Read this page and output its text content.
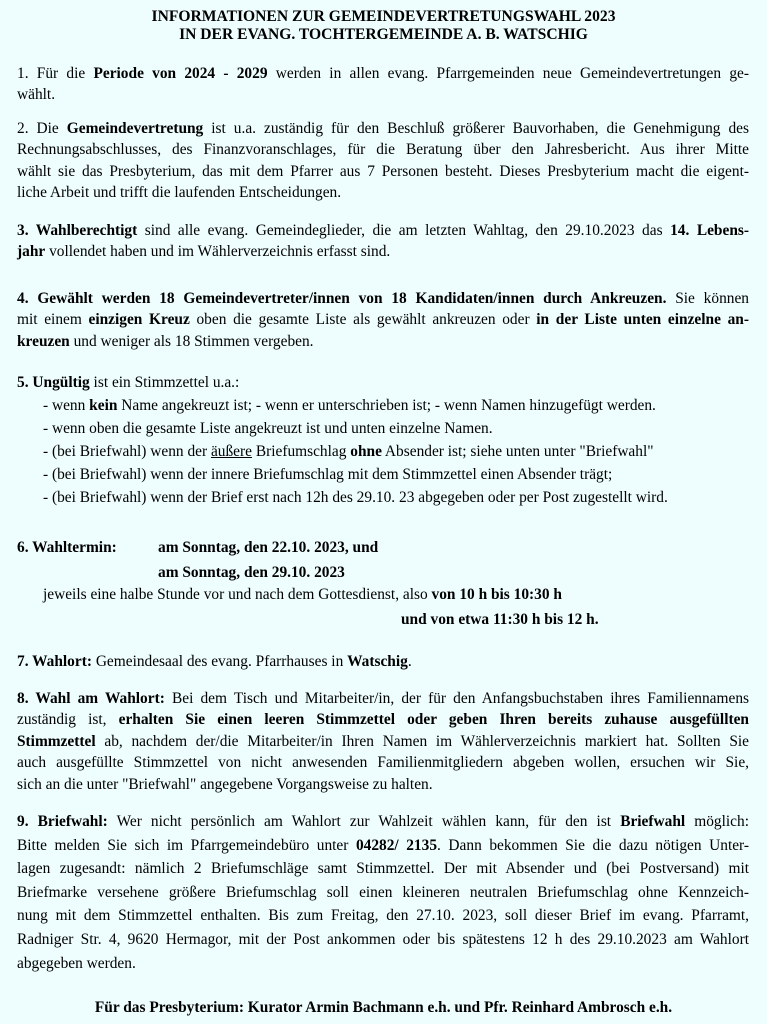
INFORMATIONEN ZUR GEMEINDEVERTRETUNGSWAHL 2023
IN DER EVANG. TOCHTERGEMEINDE A. B. WATSCHIG
1. Für die Periode von 2024 - 2029 werden in allen evang. Pfarrgemeinden neue Gemeindevertretungen ge-
wählt.
2. Die Gemeindevertretung ist u.a. zuständig für den Beschluß größerer Bauvorhaben, die Genehmigung des
Rechnungsabschlusses, des Finanzvoranschlages, für die Beratung über den Jahresbericht. Aus ihrer Mitte
wählt sie das Presbyterium, das mit dem Pfarrer aus 7 Personen besteht. Dieses Presbyterium macht die eigent-
liche Arbeit und trifft die laufenden Entscheidungen.
3. Wahlberechtigt sind alle evang. Gemeindeglieder, die am letzten Wahltag, den 29.10.2023 das 14. Lebens-
jahr vollendet haben und im Wählerverzeichnis erfasst sind.
4. Gewählt werden 18 Gemeindevertreter/innen von 18 Kandidaten/innen durch Ankreuzen. Sie können
mit einem einzigen Kreuz oben die gesamte Liste als gewählt ankreuzen oder in der Liste unten einzelne an-
kreuzen und weniger als 18 Stimmen vergeben.
5. Ungültig ist ein Stimmzettel u.a.:
- wenn kein Name angekreuzt ist; - wenn er unterschrieben ist; - wenn Namen hinzugefügt werden.
- wenn oben die gesamte Liste angekreuzt ist und unten einzelne Namen.
- (bei Briefwahl) wenn der äußere Briefumschlag ohne Absender ist; siehe unten unter "Briefwahl"
- (bei Briefwahl) wenn der innere Briefumschlag mit dem Stimmzettel einen Absender trägt;
- (bei Briefwahl) wenn der Brief erst nach 12h des 29.10. 23 abgegeben oder per Post zugestellt wird.
6. Wahltermin:	am Sonntag, den 22.10. 2023, und
am Sonntag, den 29.10. 2023
jeweils eine halbe Stunde vor und nach dem Gottesdienst, also von 10 h bis 10:30 h
und von etwa 11:30 h bis 12 h.
7. Wahlort: Gemeindesaal des evang. Pfarrhauses in Watschig.
8. Wahl am Wahlort: Bei dem Tisch und Mitarbeiter/in, der für den Anfangsbuchstaben ihres Familiennamens
zuständig ist, erhalten Sie einen leeren Stimmzettel oder geben Ihren bereits zuhause ausgefüllten
Stimmzettel ab, nachdem der/die Mitarbeiter/in Ihren Namen im Wählerverzeichnis markiert hat. Sollten Sie
auch ausgefüllte Stimmzettel von nicht anwesenden Familienmitgliedern abgeben wollen, ersuchen wir Sie,
sich an die unter "Briefwahl" angegebene Vorgangsweise zu halten.
9. Briefwahl: Wer nicht persönlich am Wahlort zur Wahlzeit wählen kann, für den ist Briefwahl möglich:
Bitte melden Sie sich im Pfarrgemeindebüro unter 04282/ 2135. Dann bekommen Sie die dazu nötigen Unter-
lagen zugesandt: nämlich 2 Briefumschläge samt Stimmzettel. Der mit Absender und (bei Postversand) mit
Briefmarke versehene größere Briefumschlag soll einen kleineren neutralen Briefumschlag ohne Kennzeich-
nung mit dem Stimmzettel enthalten. Bis zum Freitag, den 27.10. 2023, soll dieser Brief im evang. Pfarramt,
Radniger Str. 4, 9620 Hermagor, mit der Post ankommen oder bis spätestens 12 h des 29.10.2023 am Wahlort
abgegeben werden.
Für das Presbyterium: Kurator Armin Bachmann e.h. und Pfr. Reinhard Ambrosch e.h.
